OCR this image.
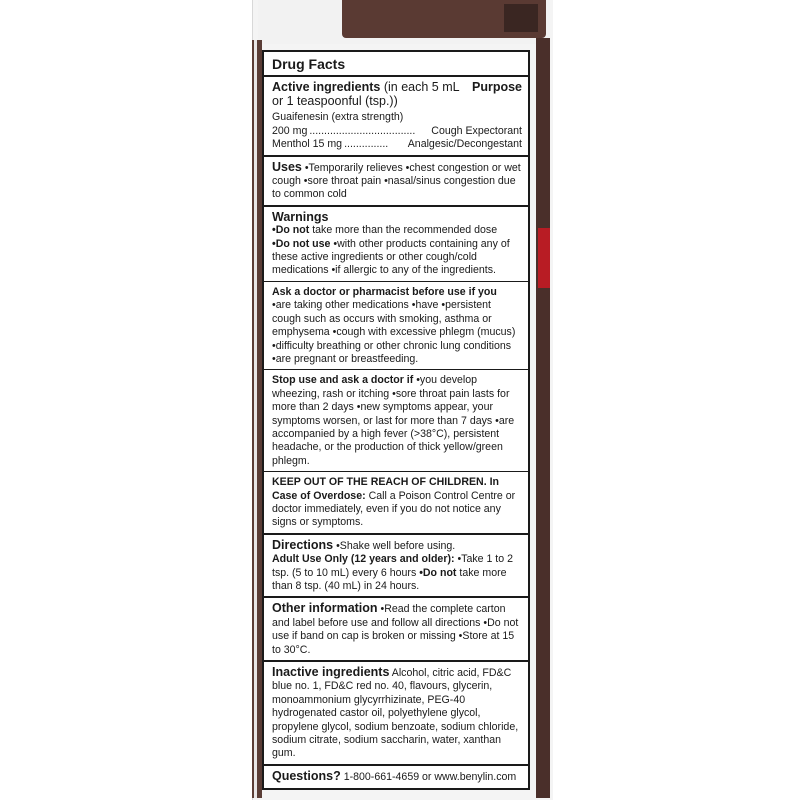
Drug Facts
Active ingredients (in each 5 mL Purpose

or 1 teaspoonful (tsp.))

Guaifenesin (extra strength)

200 mg ....................................	Cough Expectorant
Menthol 15 mg ...............	Analgesic/Decongestant

Uses •Temporarily relieves •chest congestion or wet cough •sore throat pain •nasal/sinus congestion due to common cold

Warnings

•Do not take more than the recommended dose

•Do not use •with other products containing any of these active ingredients or other cough/cold medications •if allergic to any of the ingredients.

Ask a doctor or pharmacist before use if you

•are taking other medications •have •persistent cough such as occurs with smoking, asthma or emphysema •cough with excessive phlegm (mucus) •difficulty breathing or other chronic lung conditions •are pregnant or breastfeeding.

Stop use and ask a doctor if •you develop wheezing, rash or itching •sore throat pain lasts for more than 2 days •new symptoms appear, your symptoms worsen, or last for more than 7 days •are accompanied by a high fever (>38°C), persistent headache, or the production of thick yellow/green phlegm.

KEEP OUT OF THE REACH OF CHILDREN. In Case of Overdose: Call a Poison Control Centre or doctor immediately, even if you do not notice any signs or symptoms.

Directions •Shake well before using.

Adult Use Only (12 years and older): •Take 1 to 2 tsp. (5 to 10 mL) every 6 hours •Do not take more than 8 tsp. (40 mL) in 24 hours.

Other information •Read the complete carton and label before use and follow all directions •Do not use if band on cap is broken or missing •Store at 15 to 30°C.

Inactive ingredients Alcohol, citric acid, FD&C blue no. 1, FD&C red no. 40, flavours, glycerin, monoammonium glycyrrhizinate, PEG-40 hydrogenated castor oil, polyethylene glycol, propylene glycol, sodium benzoate, sodium chloride, sodium citrate, sodium saccharin, water, xanthan gum.

Questions? 1-800-661-4659 or www.benylin.com
